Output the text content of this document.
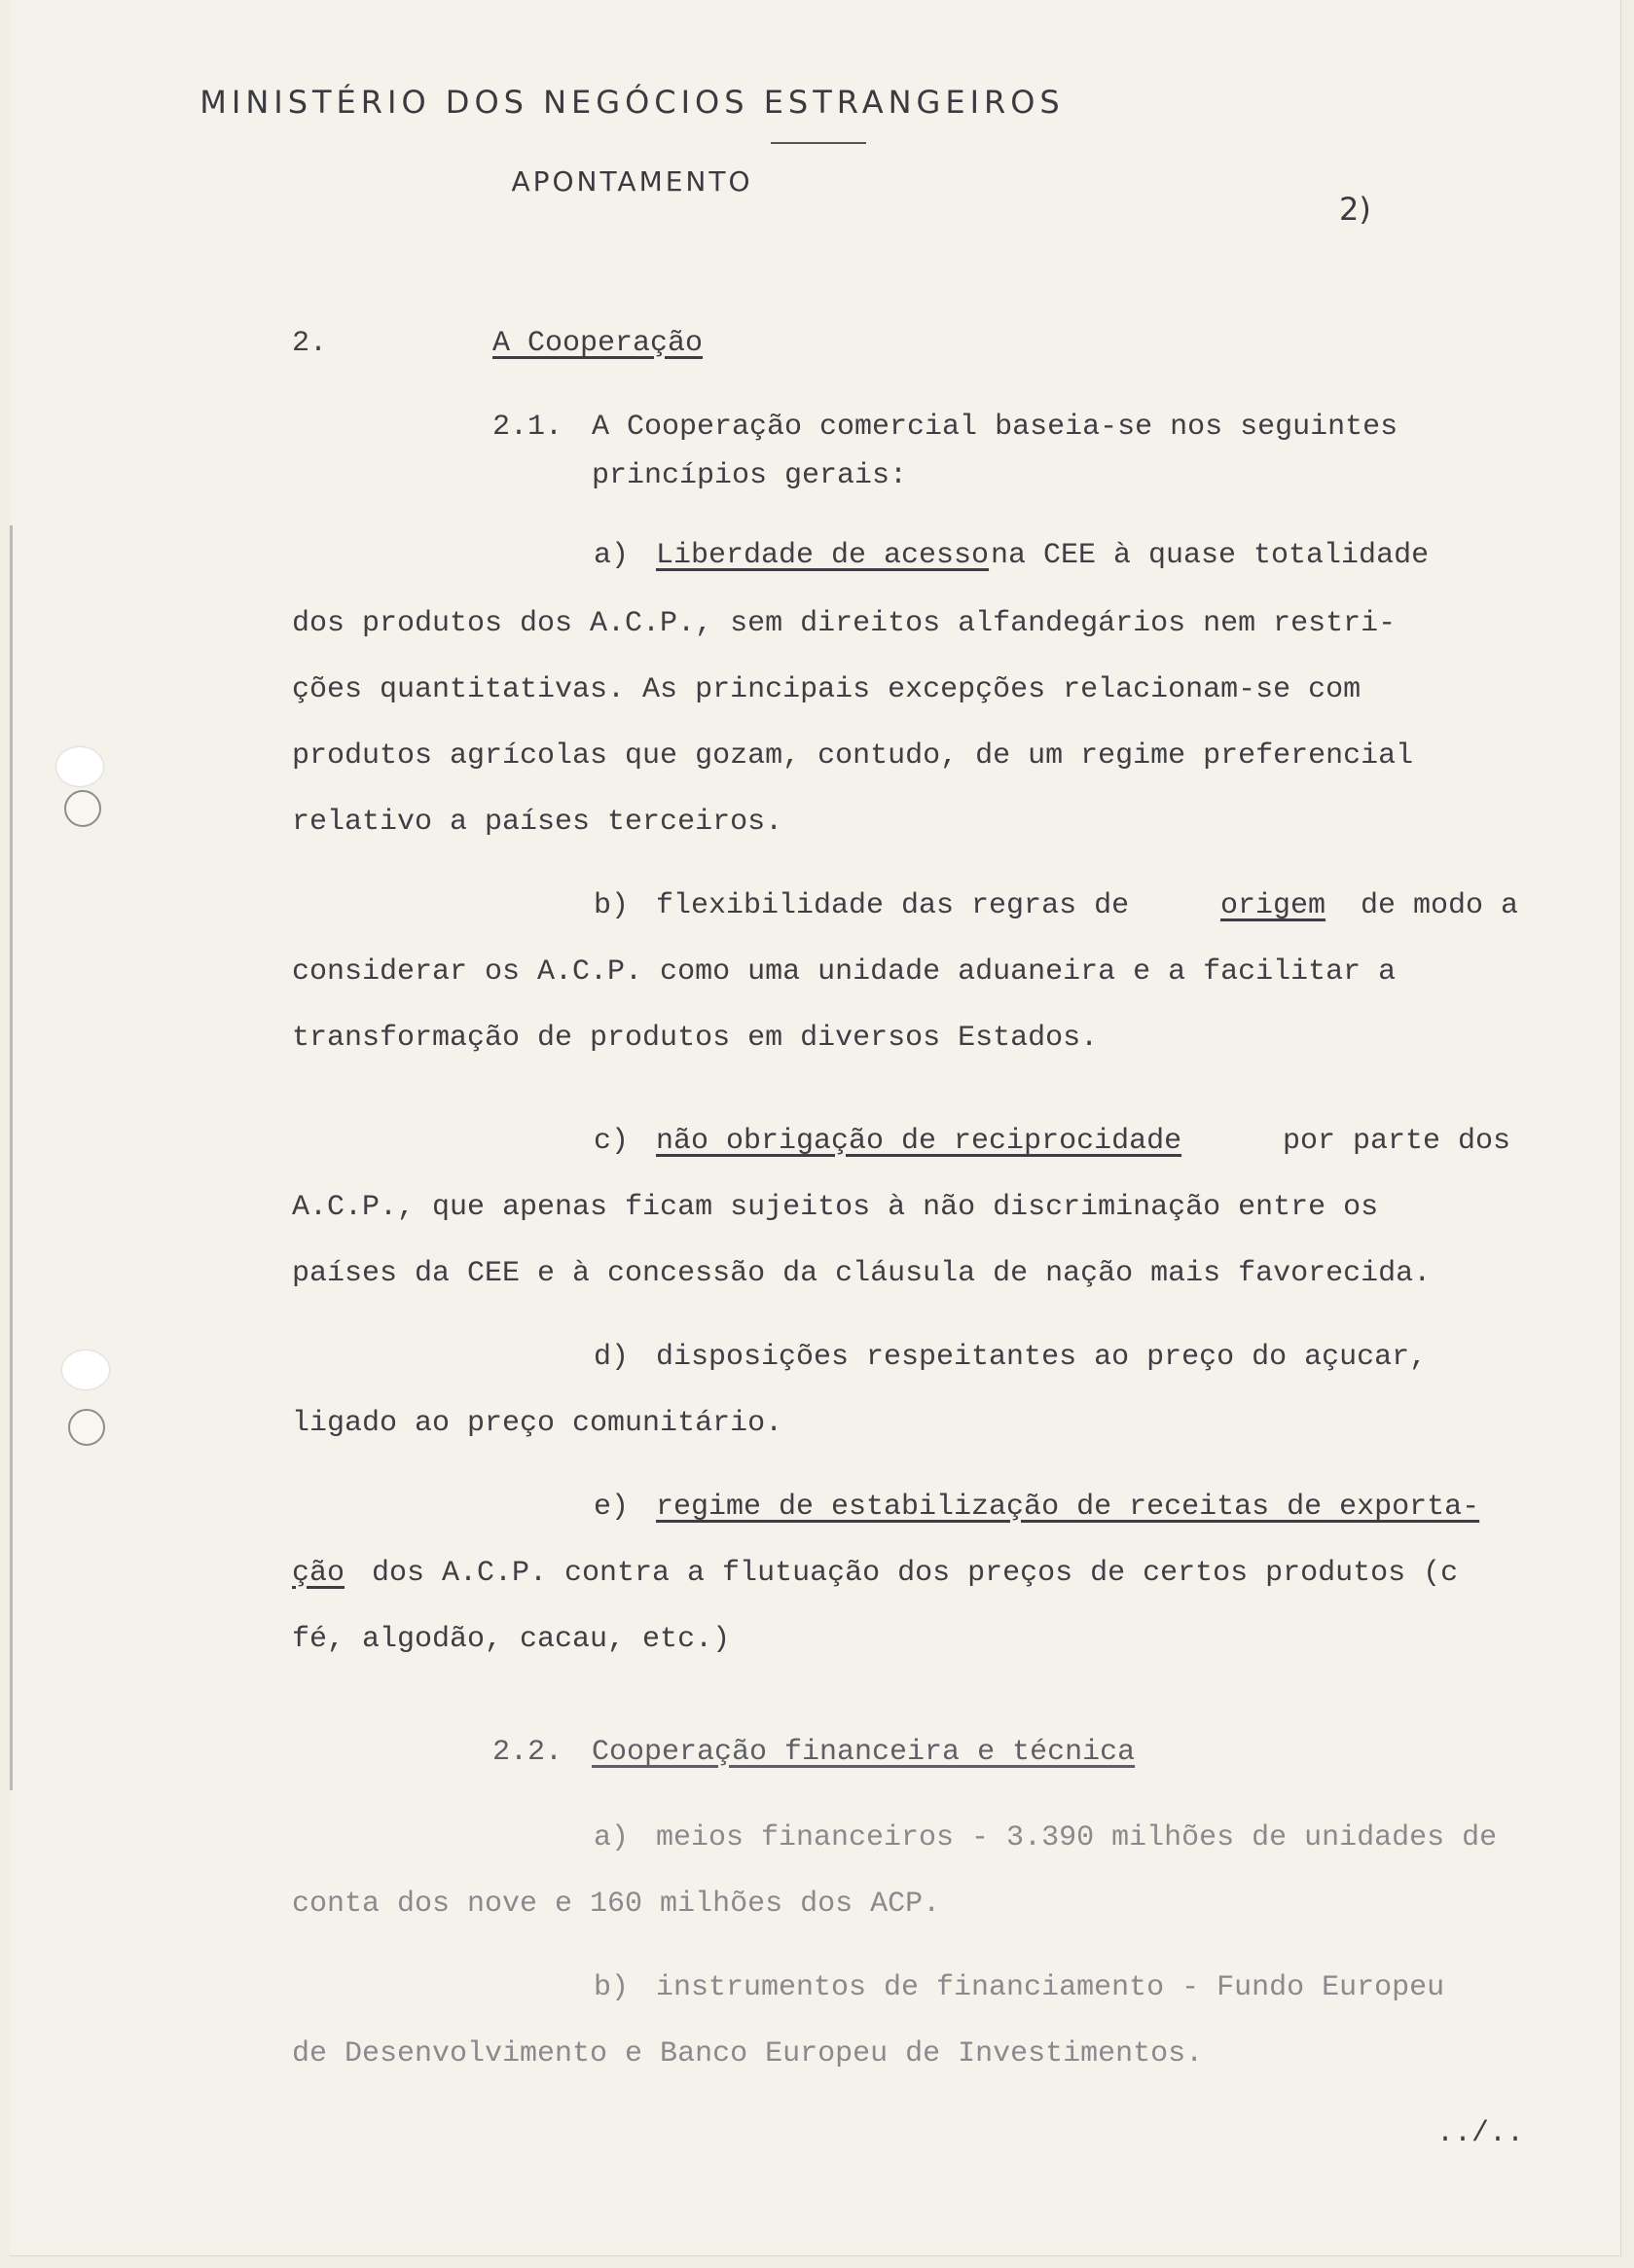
MINISTÉRIO DOS NEGÓCIOS ESTRANGEIROS
APONTAMENTO
2)
2.	A Cooperação
2.1. A Cooperação comercial baseia-se nos seguintes
princípios gerais:
a) Liberdade de acesso na CEE à quase totalidade
dos produtos dos A.C.P., sem direitos alfandegários nem restri-
ções quantitativas. As principais excepções relacionam-se com
produtos agrícolas que gozam, contudo, de um regime preferencial
relativo a países terceiros.
b) flexibilidade das regras de	origem de modo a
considerar os A.C.P. como uma unidade aduaneira e a facilitar a
transformação de produtos em diversos Estados.
c) não obrigação de reciprocidade	por parte dos
A.C.P., que apenas ficam sujeitos à não discriminação entre os
países da CEE e à concessão da cláusula de nação mais favorecida.
d) disposições respeitantes ao preço do açucar,
ligado ao preço comunitário.
e) regime de estabilização de receitas de exporta-
ção dos A.C.P. contra a flutuação dos preços de certos produtos (c
fé, algodão, cacau, etc.)
2.2. Cooperação financeira e técnica
a) meios financeiros - 3.390 milhões de unidades de
conta dos nove e 160 milhões dos ACP.
b) instrumentos de financiamento - Fundo Europeu
de Desenvolvimento e Banco Europeu de Investimentos.
../..
